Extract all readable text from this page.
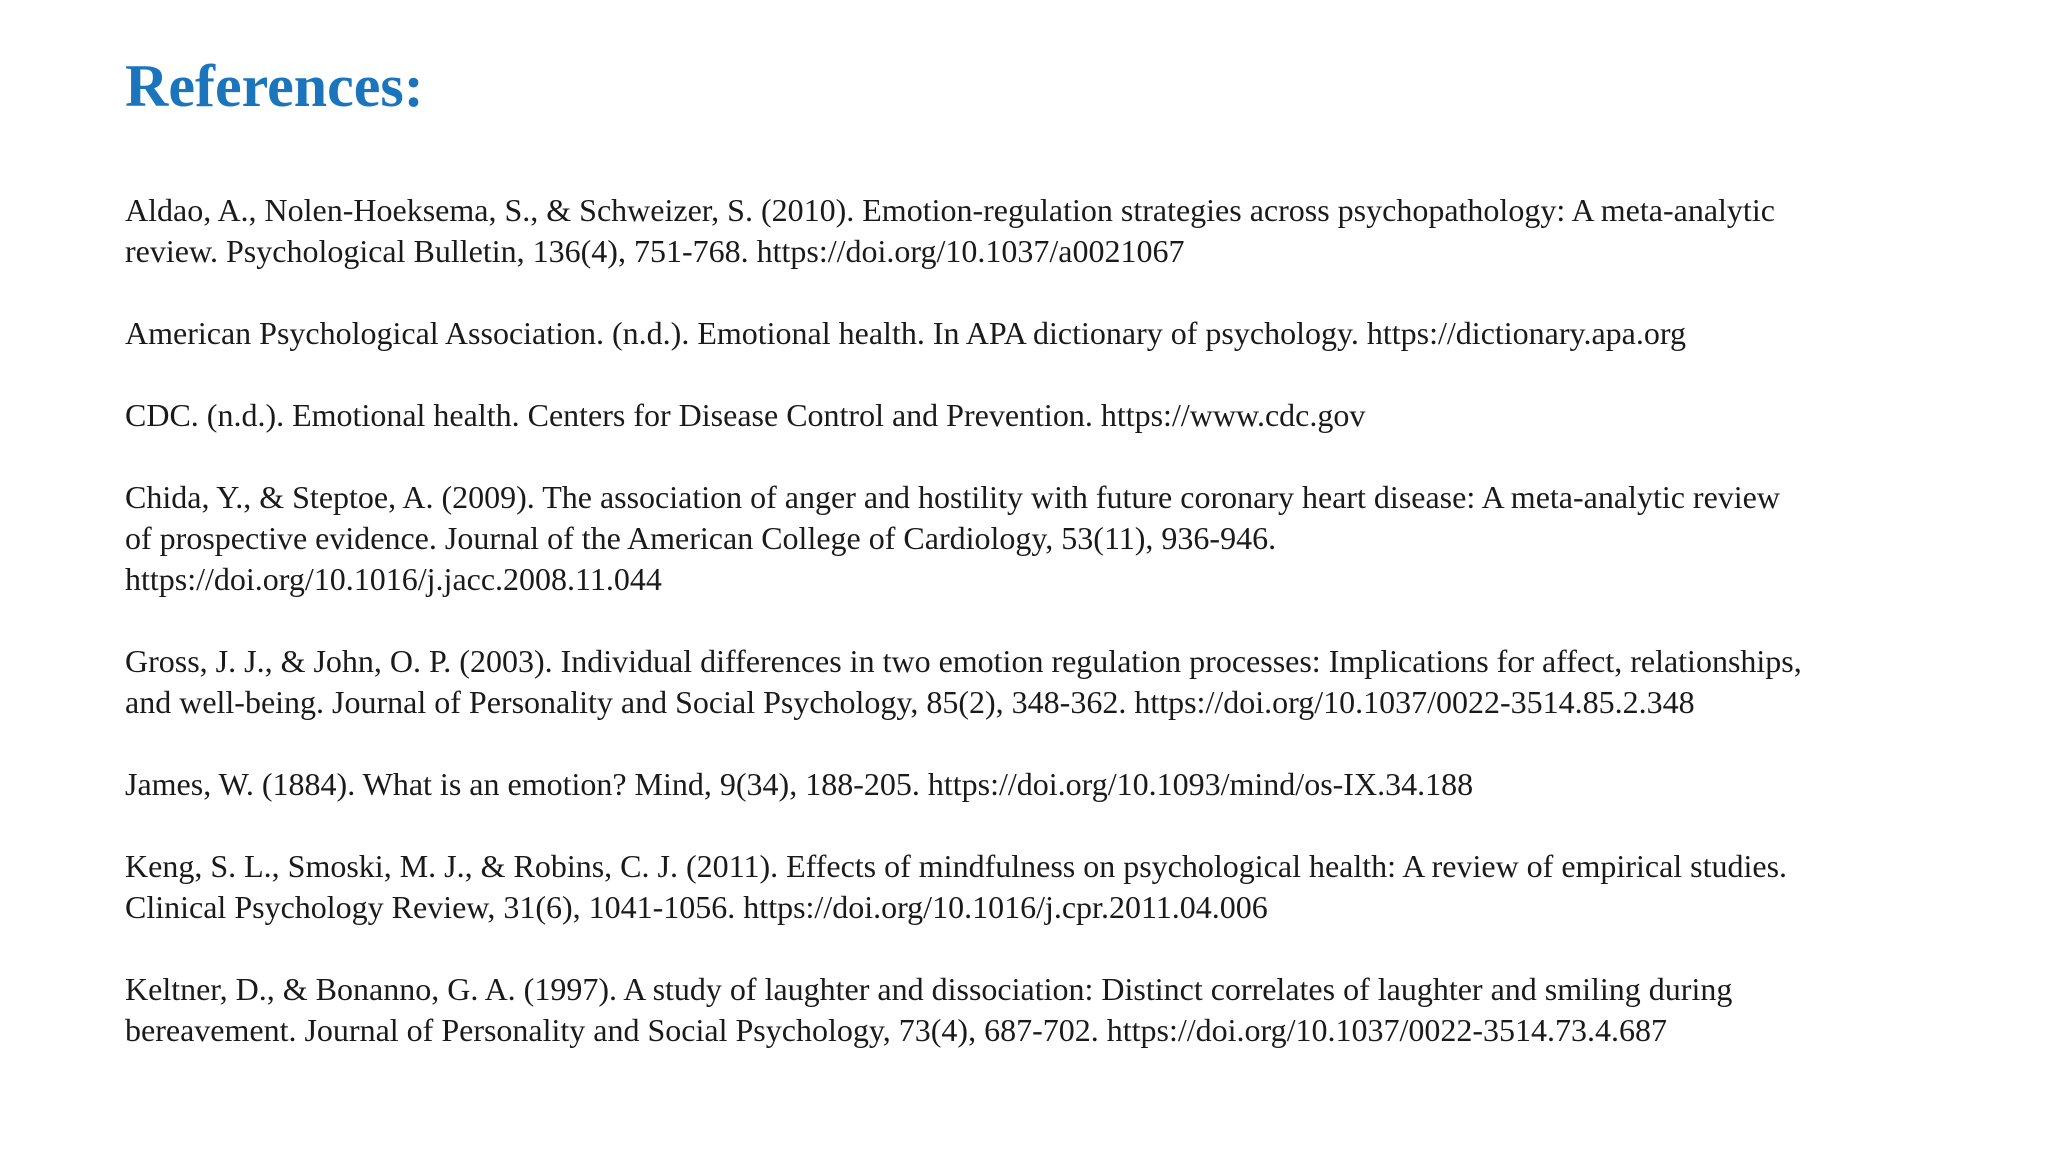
References:
Aldao, A., Nolen-Hoeksema, S., & Schweizer, S. (2010). Emotion-regulation strategies across psychopathology: A meta-analytic
review. Psychological Bulletin, 136(4), 751-768. https://doi.org/10.1037/a0021067
American Psychological Association. (n.d.). Emotional health. In APA dictionary of psychology. https://dictionary.apa.org
CDC. (n.d.). Emotional health. Centers for Disease Control and Prevention. https://www.cdc.gov
Chida, Y., & Steptoe, A. (2009). The association of anger and hostility with future coronary heart disease: A meta-analytic review
of prospective evidence. Journal of the American College of Cardiology, 53(11), 936-946.
https://doi.org/10.1016/j.jacc.2008.11.044
Gross, J. J., & John, O. P. (2003). Individual differences in two emotion regulation processes: Implications for affect, relationships,
and well-being. Journal of Personality and Social Psychology, 85(2), 348-362. https://doi.org/10.1037/0022-3514.85.2.348
James, W. (1884). What is an emotion? Mind, 9(34), 188-205. https://doi.org/10.1093/mind/os-IX.34.188
Keng, S. L., Smoski, M. J., & Robins, C. J. (2011). Effects of mindfulness on psychological health: A review of empirical studies.
Clinical Psychology Review, 31(6), 1041-1056. https://doi.org/10.1016/j.cpr.2011.04.006
Keltner, D., & Bonanno, G. A. (1997). A study of laughter and dissociation: Distinct correlates of laughter and smiling during
bereavement. Journal of Personality and Social Psychology, 73(4), 687-702. https://doi.org/10.1037/0022-3514.73.4.687
